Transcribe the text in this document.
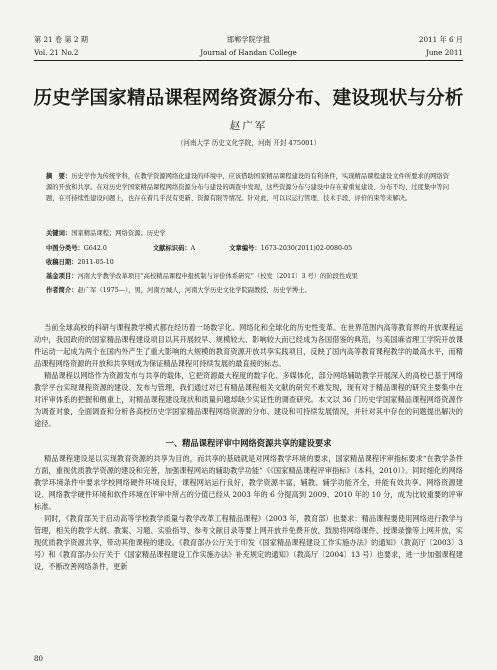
第 21 卷 第 2 期	邯郸学院学报	2011 年 6 月
Vol. 21 No.2	Journal of Handan College	June 2011
历史学国家精品课程网络资源分布、建设现状与分析
赵广军
（河南大学 历史文化学院，河南 开封 475001）

摘　要：历史学作为传统学科，在教学资源网络化建设的环境中，应该借助国家精品课程建设的有利条件，实现精品课程建设文件所要求的网络资源的开放和共享。在对历史学国家精品课程网络资源分布与建设的调查中发现，这些资源分布与建设中存在着重复建设、分布不均、过度集中等问题，在可持续性建设问题上，也存在着几乎没有更新、资源有限等情况。针对此，可以以运行管理、技术手段、评价的束等来解决。

关键词：国家精品课程；网络资源；历史学
中图分类号：G642.0	文献标识码：A	文章编号：1673-2030(2011)02-0080-05
收稿日期：2011-05-10
基金项目：河南大学教学改革项目“高校精品课程申报机制与评价体系研究”（校发〔2011〕3 号）的阶段性成果
作者简介：赵广军（1975—），男，河南方城人，河南大学历史文化学院副教授，历史学博士。

当前全球高校的科研与课程教学模式都在经历着一场数字化、网络化和全球化的历史性变革。在世界范围内高等教育界的开放课程运动中，我国政府的国家精品课程建设项目以其开展较早、规模较大、影响较大而已经成为各国借鉴的典范，与美国麻省理工学院开放课件运动一起成为两个在国内外产生了重大影响的大规模的教育资源开放共享实践项目，反映了国内高等教育课程教学的最高水平，而精品课程网络资源的开放和共享则成为保证精品课程可持续发展的最直接的标志。

精品课程以网络作为资源发布与共享的载体，它把资源最大程度的数字化、多媒体化，部分网络辅助教学开展深入的高校已基于网络教学平台实现课程资源的建设、发布与管理，我们通过对已有精品课程相关文献的研究不难发现，现有对于精品课程的研究主要集中在对评审体系的把握和侧重上，对精品课程建设现状和质量问题却缺少实证性的调查研究。本文以 36 门历史学国家精品课程网络资源作为调查对象，全面调查和分析各高校历史学国家精品课程网络资源的分布、建设和可持续发展情况，并针对其中存在的问题提出解决的途径。

一、精品课程评审中网络资源共享的建设要求

精品课程建设是以实现教育资源的共享为目的，而共享的基础就是对网络教学环境的要求，国家精品课程评审指标要求“在教学条件方面，重视优质教学资源的建设和完善，加强课程网站的辅助教学功能”《《国家精品课程评审指标》（本科，2010）》。同时细化的网络教学环境条件中要求学校网络硬件环境良好，课程网站运行良好，教学资源丰富，辅教、辅学功能齐全，并能有效共享。网络资源建设、网络教学硬件环境和软件环境在评审中所占的分值已经从 2003 年的 6 分提高到 2009、2010 年的 10 分，成为比较重要的评审标准。

同时，《教育部关于启动高等学校教学质量与教学改革工程精品课程》（2003 年，教育部）也要求：精品课程要使用网络进行教学与管理，相关的教学大纲、教案、习题、实验指导、参考文献目录等要上网开放并免费开放，鼓励将网络课件、授课录像等上网开放，实现优质教学资源共享，带动其他课程的建设。《教育部办公厅关于印发《国家精品课程建设工作实施办法》的通知》（教高厅〔2003〕3 号）和《教育部办公厅关于《国家精品课程建设工作实施办法》补充规定的通知》（教高厅〔2004〕13 号）也要求，进一步加强课程建设，不断改善网络条件，更新

80
